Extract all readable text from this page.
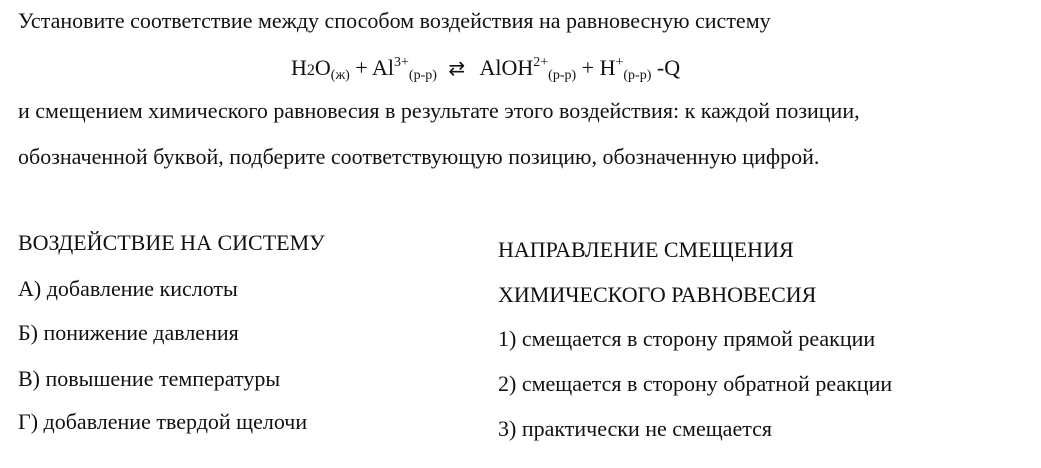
Установите соответствие между способом воздействия на равновесную систему
$H2O_{(ж)} + Al^{3+}_{(р-р)}$ ⇄ AlOH$^{2+}_{(р-р)}$ + $H^+_{(р-р)}$ -Q
и смещением химического равновесия в результате этого воздействия: к каждой позиции,
обозначенной буквой, подберите соответствующую позицию, обозначенную цифрой.
ВОЗДЕЙСТВИЕ НА СИСТЕМУ
А) добавление кислоты
Б) понижение давления
В) повышение температуры
Г) добавление твердой щелочи
НАПРАВЛЕНИЕ СМЕЩЕНИЯ
ХИМИЧЕСКОГО РАВНОВЕСИЯ
1) смещается в сторону прямой реакции
2) смещается в сторону обратной реакции
3) практически не смещается
